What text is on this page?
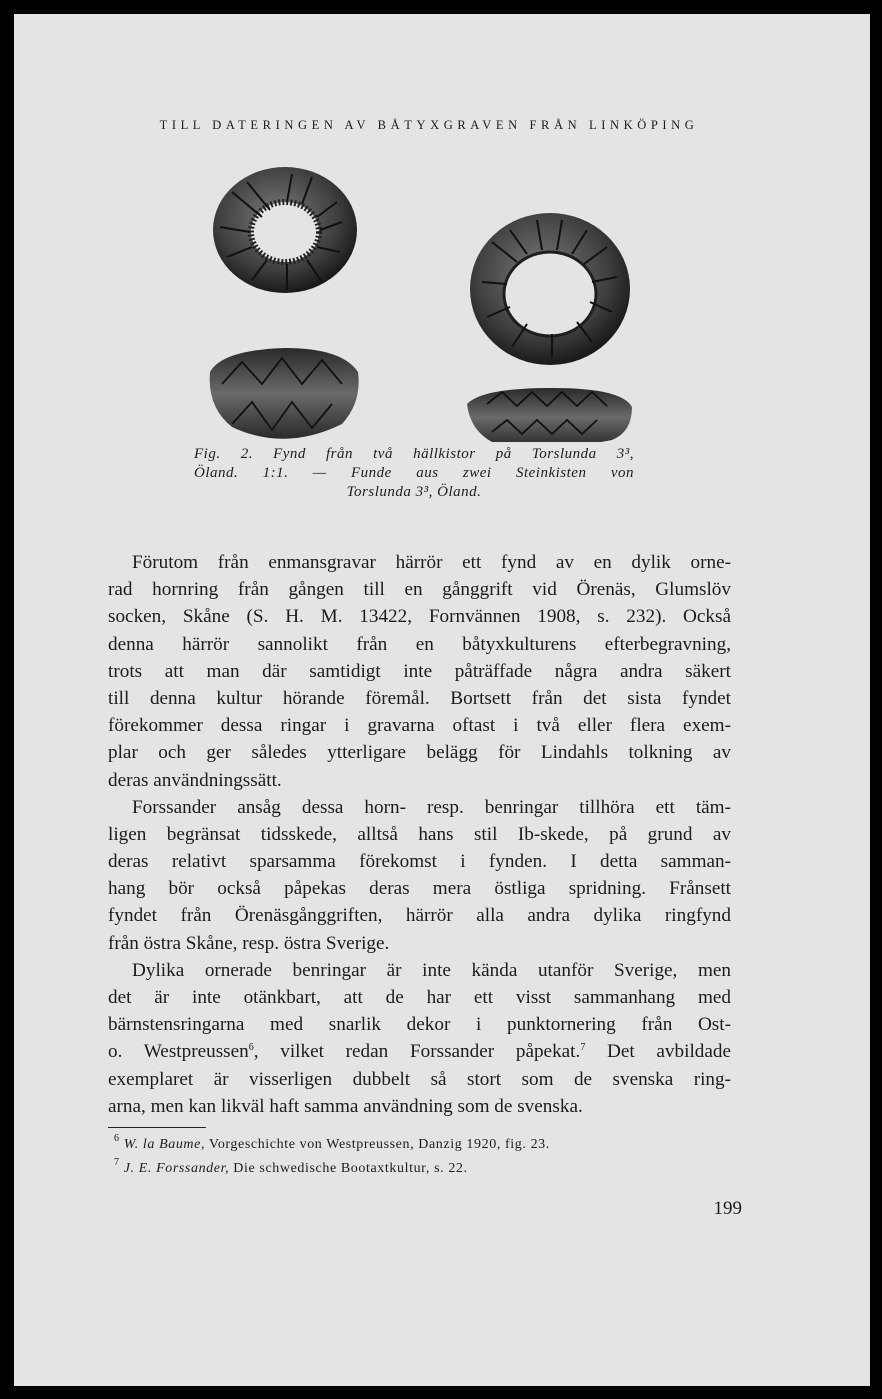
TILL DATERINGEN AV BÅTYXGRAVEN FRÅN LINKÖPING
Fig. 2. Fynd från två hällkistor på Torslunda 3³,
Öland. 1:1. — Funde aus zwei Steinkisten von
Torslunda 3³, Öland.
Förutom från enmansgravar härrör ett fynd av en dylik orne-
rad hornring från gången till en gånggrift vid Örenäs, Glumslöv
socken, Skåne (S. H. M. 13422, Fornvännen 1908, s. 232). Också
denna härrör sannolikt från en båtyxkulturens efterbegravning,
trots att man där samtidigt inte påträffade några andra säkert
till denna kultur hörande föremål. Bortsett från det sista fyndet
förekommer dessa ringar i gravarna oftast i två eller flera exem-
plar och ger således ytterligare belägg för Lindahls tolkning av
deras användningssätt.
Forssander ansåg dessa horn- resp. benringar tillhöra ett täm-
ligen begränsat tidsskede, alltså hans stil Ib-skede, på grund av
deras relativt sparsamma förekomst i fynden. I detta samman-
hang bör också påpekas deras mera östliga spridning. Frånsett
fyndet från Örenäsgånggriften, härrör alla andra dylika ringfynd
från östra Skåne, resp. östra Sverige.
Dylika ornerade benringar är inte kända utanför Sverige, men
det är inte otänkbart, att de har ett visst sammanhang med
bärnstensringarna med snarlik dekor i punktornering från Ost-
o. Westpreussen$^6$, vilket redan Forssander påpekat.$^7$ Det avbildade
exemplaret är visserligen dubbelt så stort som de svenska ring-
arna, men kan likväl haft samma användning som de svenska.
$^6$ W. la Baume, Vorgeschichte von Westpreussen, Danzig 1920, fig. 23.
$^7$ J. E. Forssander, Die schwedische Bootaxtkultur, s. 22.
199
